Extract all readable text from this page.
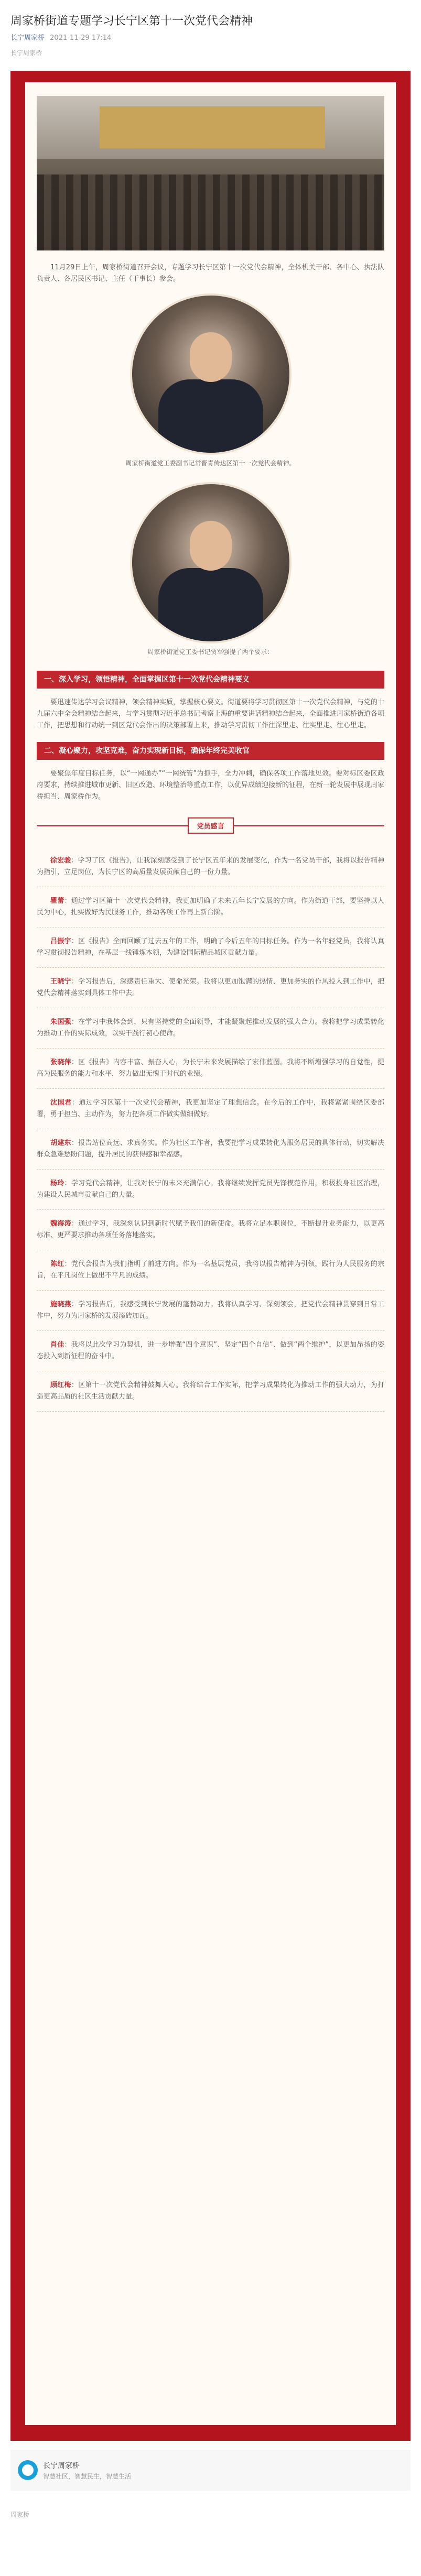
周家桥街道专题学习长宁区第十一次党代会精神
长宁周家桥 2021-11-29 17:14
长宁周家桥

11月29日上午，周家桥街道召开会议，专题学习长宁区第十一次党代会精神，全体机关干部、各中心、执法队负责人、各居民区书记、主任（干事长）参会。

周家桥街道党工委副书记常晋青传达区第十一次党代会精神。

周家桥街道党工委书记贾军强提了两个要求：

一、深入学习，领悟精神，全面掌握区第十一次党代会精神要义

要迅速传达学习会议精神，领会精神实质，掌握核心要义。街道要将学习贯彻区第十一次党代会精神，与党的十九届六中全会精神结合起来，与学习贯彻习近平总书记考察上海的重要讲话精神结合起来，全面推进周家桥街道各项工作，把思想和行动统一到区党代会作出的决策部署上来，推动学习贯彻工作往深里走、往实里走、往心里走。

二、凝心聚力，攻坚克难，奋力实现新目标，确保年终完美收官

要聚焦年度目标任务，以“一网通办”“一网统管”为抓手，全力冲刺，确保各项工作落地见效。要对标区委区政府要求，持续推进城市更新、旧区改造、环境整治等重点工作，以优异成绩迎接新的征程，在新一轮发展中展现周家桥担当、周家桥作为。

党员感言

徐宏骏：学习了区《报告》，让我深刻感受到了长宁区五年来的发展变化，作为一名党员干部，我将以报告精神为指引，立足岗位，为长宁区的高质量发展贡献自己的一份力量。

瞿蕾：通过学习区第十一次党代会精神，我更加明确了未来五年长宁发展的方向。作为街道干部，要坚持以人民为中心，扎实做好为民服务工作，推动各项工作再上新台阶。

吕振宇：区《报告》全面回顾了过去五年的工作，明确了今后五年的目标任务。作为一名年轻党员，我将认真学习贯彻报告精神，在基层一线锤炼本领，为建设国际精品城区贡献力量。

王晓宁：学习报告后，深感责任重大、使命光荣。我将以更加饱满的热情、更加务实的作风投入到工作中，把党代会精神落实到具体工作中去。

朱国强：在学习中我体会到，只有坚持党的全面领导，才能凝聚起推动发展的强大合力。我将把学习成果转化为推动工作的实际成效，以实干践行初心使命。

张晓萍：区《报告》内容丰富、振奋人心，为长宁未来发展描绘了宏伟蓝图。我将不断增强学习的自觉性，提高为民服务的能力和水平，努力做出无愧于时代的业绩。

沈国君：通过学习区第十一次党代会精神，我更加坚定了理想信念。在今后的工作中，我将紧紧围绕区委部署，勇于担当、主动作为，努力把各项工作做实做细做好。

胡建东：报告站位高远、求真务实。作为社区工作者，我要把学习成果转化为服务居民的具体行动，切实解决群众急难愁盼问题，提升居民的获得感和幸福感。

杨玲：学习党代会精神，让我对长宁的未来充满信心。我将继续发挥党员先锋模范作用，积极投身社区治理，为建设人民城市贡献自己的力量。

魏海涛：通过学习，我深刻认识到新时代赋予我们的新使命。我将立足本职岗位，不断提升业务能力，以更高标准、更严要求推动各项任务落地落实。

陈红：党代会报告为我们指明了前进方向。作为一名基层党员，我将以报告精神为引领，践行为人民服务的宗旨，在平凡岗位上做出不平凡的成绩。

施晓燕：学习报告后，我感受到长宁发展的蓬勃动力。我将认真学习、深刻领会，把党代会精神贯穿到日常工作中，努力为周家桥的发展添砖加瓦。

肖佳：我将以此次学习为契机，进一步增强“四个意识”、坚定“四个自信”、做到“两个维护”，以更加昂扬的姿态投入到新征程的奋斗中。

顾红梅：区第十一次党代会精神鼓舞人心。我将结合工作实际，把学习成果转化为推动工作的强大动力，为打造更高品质的社区生活贡献力量。

长宁周家桥
智慧社区，智慧民生，智慧生活
周家桥
